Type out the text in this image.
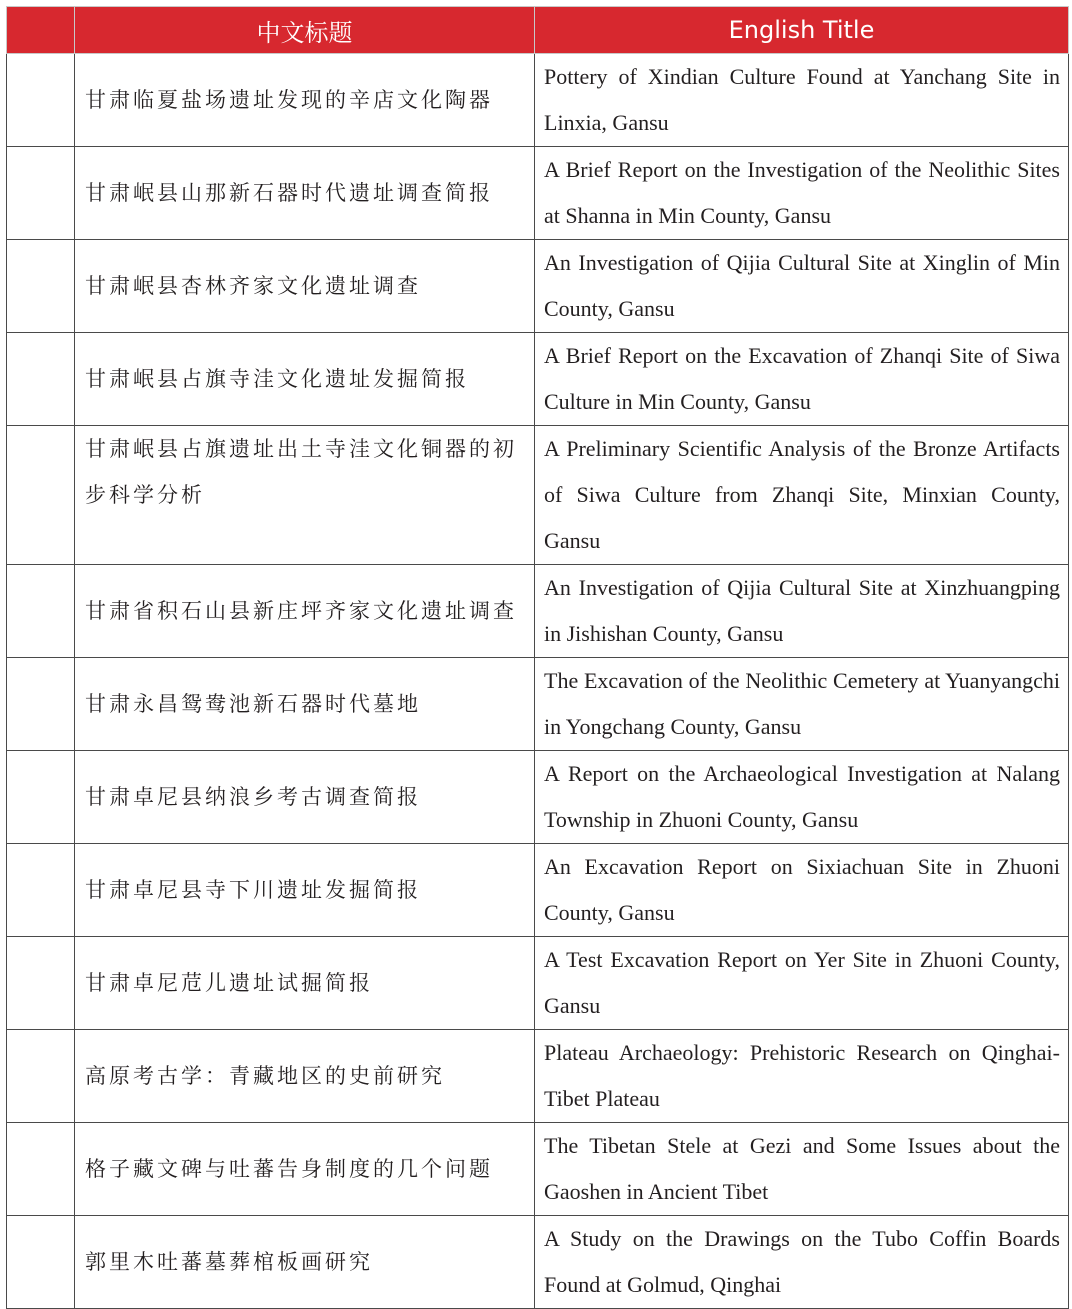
	中文标题	English Title
	甘肃临夏盐场遗址发现的辛店文化陶器	Pottery of Xindian Culture Found at Yanchang Site in Linxia, Gansu
	甘肃岷县山那新石器时代遗址调查简报	A Brief Report on the Investigation of the Neolithic Sites at Shanna in Min County, Gansu
	甘肃岷县杏林齐家文化遗址调查	An Investigation of Qijia Cultural Site at Xinglin of Min County, Gansu
	甘肃岷县占旗寺洼文化遗址发掘简报	A Brief Report on the Excavation of Zhanqi Site of Siwa Culture in Min County, Gansu
	甘肃岷县占旗遗址出土寺洼文化铜器的初步科学分析	A Preliminary Scientific Analysis of the Bronze Artifacts of Siwa Culture from Zhanqi Site, Minxian County, Gansu
	甘肃省积石山县新庄坪齐家文化遗址调查	An Investigation of Qijia Cultural Site at Xinzhuangping in Jishishan County, Gansu
	甘肃永昌鸳鸯池新石器时代墓地	The Excavation of the Neolithic Cemetery at Yuanyangchi in Yongchang County, Gansu
	甘肃卓尼县纳浪乡考古调查简报	A Report on the Archaeological Investigation at Nalang Township in Zhuoni County, Gansu
	甘肃卓尼县寺下川遗址发掘简报	An Excavation Report on Sixiachuan Site in Zhuoni County, Gansu
	甘肃卓尼苊儿遗址试掘简报	A Test Excavation Report on Yer Site in Zhuoni County, Gansu
	高原考古学：青藏地区的史前研究	Plateau Archaeology: Prehistoric Research on Qinghai-Tibet Plateau
	格子藏文碑与吐蕃告身制度的几个问题	The Tibetan Stele at Gezi and Some Issues about the Gaoshen in Ancient Tibet
	郭里木吐蕃墓葬棺板画研究	A Study on the Drawings on the Tubo Coffin Boards Found at Golmud, Qinghai
